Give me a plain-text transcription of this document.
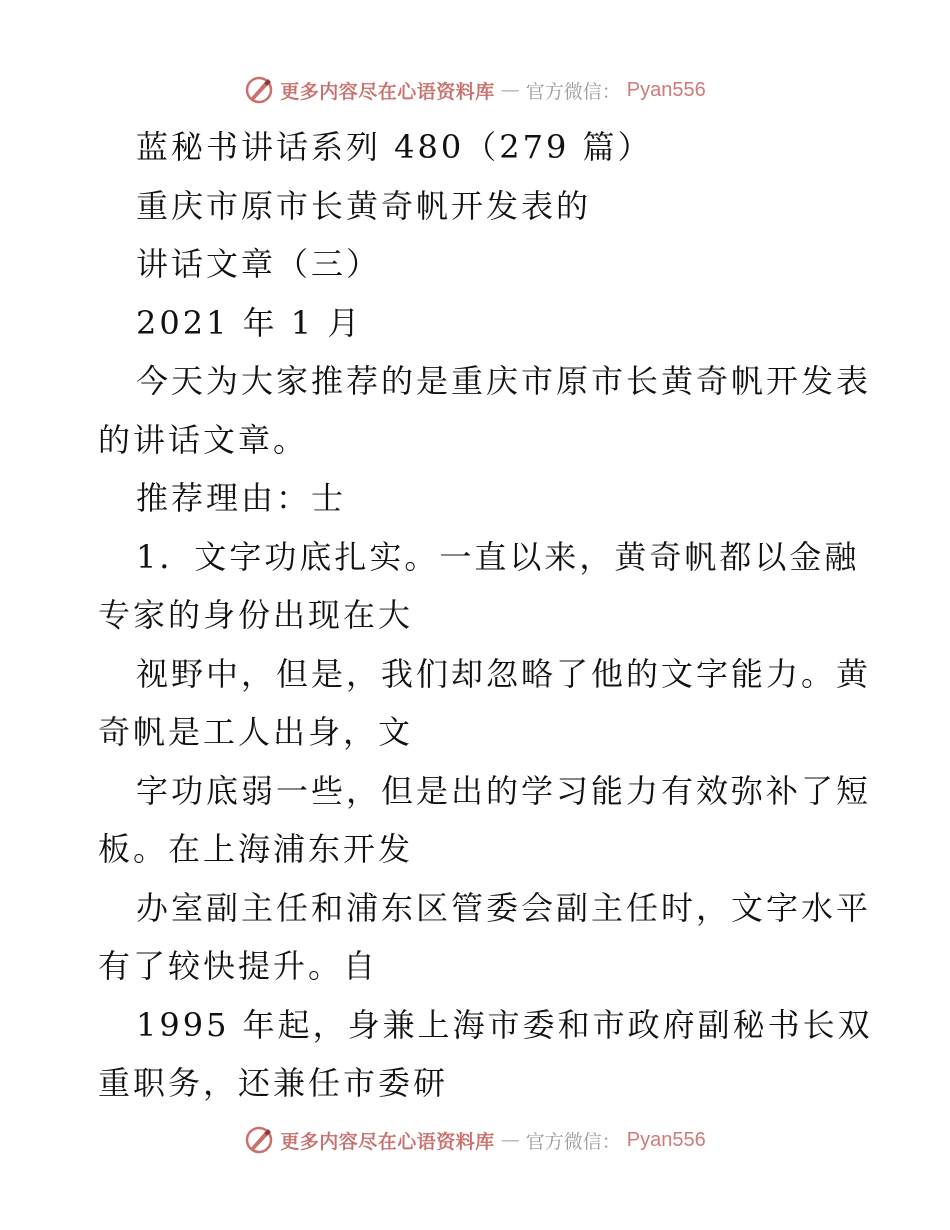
更多内容尽在心语资料库 — 官方微信： Pyan556
蓝秘书讲话系列 480（279 篇）
重庆市原市长黄奇帆开发表的
讲话文章（三）
2021 年 1 月
今天为大家推荐的是重庆市原市长黄奇帆开发表
的讲话文章。
推荐理由：士
1．文字功底扎实。一直以来，黄奇帆都以金融
专家的身份出现在大
视野中，但是，我们却忽略了他的文字能力。黄
奇帆是工人出身，文
字功底弱一些，但是出的学习能力有效弥补了短
板。在上海浦东开发
办室副主任和浦东区管委会副主任时，文字水平
有了较快提升。自
1995 年起，身兼上海市委和市政府副秘书长双
重职务，还兼任市委研
更多内容尽在心语资料库 — 官方微信： Pyan556
